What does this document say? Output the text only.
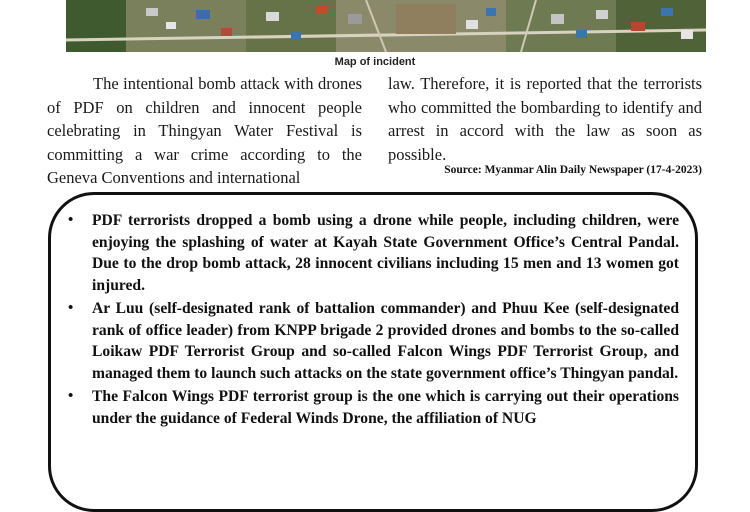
Map of incident
The intentional bomb attack with drones of PDF on children and innocent people celebrating in Thingyan Water Festival is committing a war crime according to the Geneva Conventions and international
law. Therefore, it is reported that the terrorists who committed the bombarding to identify and arrest in accord with the law as soon as possible.
Source: Myanmar Alin Daily Newspaper (17-4-2023)
• PDF terrorists dropped a bomb using a drone while people, including children, were enjoying the splashing of water at Kayah State Government Office’s Central Pandal. Due to the drop bomb attack, 28 innocent civilians including 15 men and 13 women got injured.
• Ar Luu (self-designated rank of battalion commander) and Phuu Kee (self-designated rank of office leader) from KNPP brigade 2 provided drones and bombs to the so-called Loikaw PDF Terrorist Group and so-called Falcon Wings PDF Terrorist Group, and managed them to launch such attacks on the state government office’s Thingyan pandal.
• The Falcon Wings PDF terrorist group is the one which is carrying out their operations under the guidance of Federal Winds Drone, the affiliation of NUG
